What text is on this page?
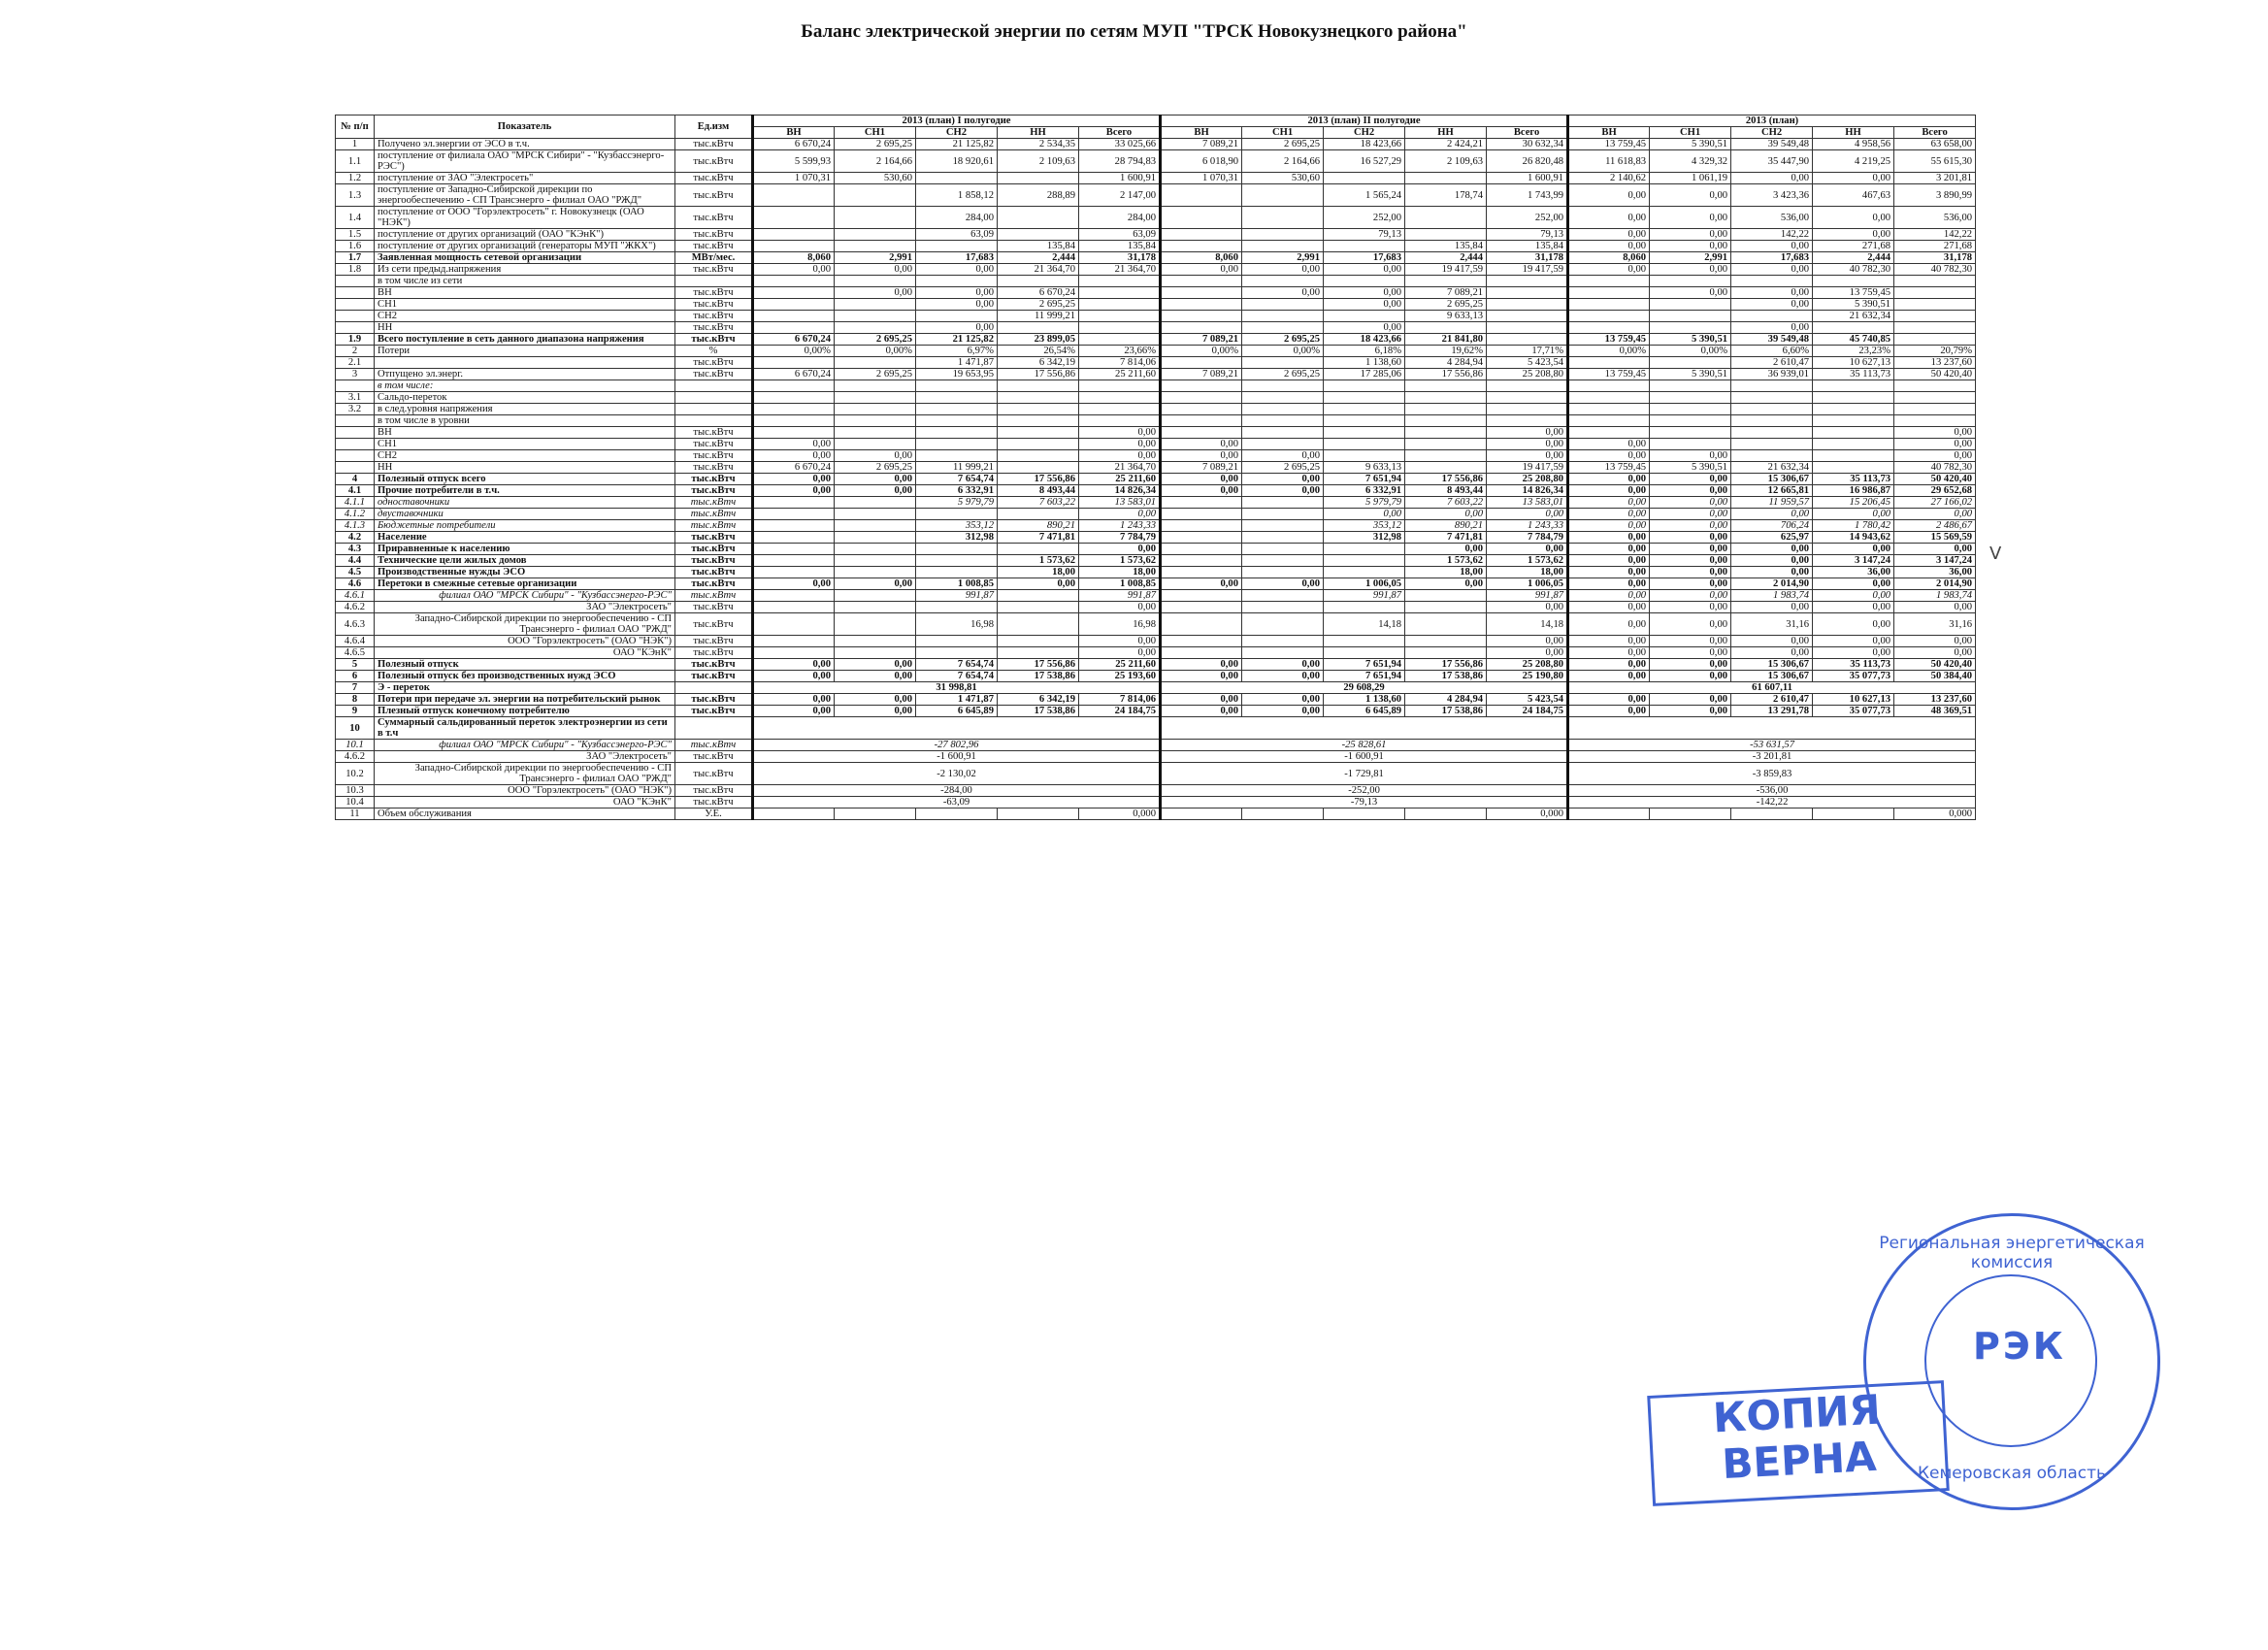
Баланс электрической энергии по сетям МУП "ТРСК Новокузнецкого района"
№ п/п	Показатель	Ед.изм	2013 (план) I полугодие					2013 (план) II полугодие					2013 (план)				
			ВН	СН1	СН2	НН	Всего	ВН	СН1	СН2	НН	Всего	ВН	СН1	СН2	НН	Всего
1	Получено эл.энергии от ЭСО в т.ч.	тыс.кВтч	6 670,24	2 695,25	21 125,82	2 534,35	33 025,66	7 089,21	2 695,25	18 423,66	2 424,21	30 632,34	13 759,45	5 390,51	39 549,48	4 958,56	63 658,00
1.1	поступление от филиала ОАО "МРСК Сибири" - "Кузбассэнерго-РЭС")	тыс.кВтч	5 599,93	2 164,66	18 920,61	2 109,63	28 794,83	6 018,90	2 164,66	16 527,29	2 109,63	26 820,48	11 618,83	4 329,32	35 447,90	4 219,25	55 615,30
1.2	поступление от ЗАО "Электросеть"	тыс.кВтч	1 070,31	530,60			1 600,91	1 070,31	530,60			1 600,91	2 140,62	1 061,19	0,00	0,00	3 201,81
1.3	поступление от Западно-Сибирской дирекции по энергообеспечению - СП Трансэнерго - филиал ОАО "РЖД"	тыс.кВтч			1 858,12	288,89	2 147,00			1 565,24	178,74	1 743,99	0,00	0,00	3 423,36	467,63	3 890,99
1.4	поступление от ООО "Горэлектросеть" г. Новокузнецк (ОАО "НЭК")	тыс.кВтч			284,00		284,00			252,00		252,00	0,00	0,00	536,00	0,00	536,00
1.5	поступление от других организаций (ОАО "КЭнК")	тыс.кВтч			63,09		63,09			79,13		79,13	0,00	0,00	142,22	0,00	142,22
1.6	поступление от других организаций (генераторы МУП "ЖКХ")	тыс.кВтч				135,84	135,84				135,84	135,84	0,00	0,00	0,00	271,68	271,68
1.7	Заявленная мощность сетевой организации	МВт/мес.	8,060	2,991	17,683	2,444	31,178	8,060	2,991	17,683	2,444	31,178	8,060	2,991	17,683	2,444	31,178
1.8	Из сети предыд.напряжения	тыс.кВтч	0,00	0,00	0,00	21 364,70	21 364,70	0,00	0,00	0,00	19 417,59	19 417,59	0,00	0,00	0,00	40 782,30	40 782,30
	в том числе из сети																
	ВН	тыс.кВтч		0,00	0,00	6 670,24			0,00	0,00	7 089,21			0,00	0,00	13 759,45	
	СН1	тыс.кВтч			0,00	2 695,25				0,00	2 695,25				0,00	5 390,51	
	СН2	тыс.кВтч				11 999,21					9 633,13					21 632,34	
	НН	тыс.кВтч			0,00					0,00					0,00		
1.9	Всего поступление в сеть данного диапазона напряжения	тыс.кВтч	6 670,24	2 695,25	21 125,82	23 899,05		7 089,21	2 695,25	18 423,66	21 841,80		13 759,45	5 390,51	39 549,48	45 740,85	
2	Потери	%	0,00%	0,00%	6,97%	26,54%	23,66%	0,00%	0,00%	6,18%	19,62%	17,71%	0,00%	0,00%	6,60%	23,23%	20,79%
2.1		тыс.кВтч			1 471,87	6 342,19	7 814,06			1 138,60	4 284,94	5 423,54			2 610,47	10 627,13	13 237,60
3	Отпущено эл.энерг.	тыс.кВтч	6 670,24	2 695,25	19 653,95	17 556,86	25 211,60	7 089,21	2 695,25	17 285,06	17 556,86	25 208,80	13 759,45	5 390,51	36 939,01	35 113,73	50 420,40
	в том числе:																
3.1	Сальдо-переток																
3.2	в след.уровня напряжения																
	в том числе в уровни																
	ВН	тыс.кВтч					0,00					0,00					0,00
	СН1	тыс.кВтч	0,00				0,00	0,00				0,00	0,00				0,00
	СН2	тыс.кВтч	0,00	0,00			0,00	0,00	0,00			0,00	0,00	0,00			0,00
	НН	тыс.кВтч	6 670,24	2 695,25	11 999,21		21 364,70	7 089,21	2 695,25	9 633,13		19 417,59	13 759,45	5 390,51	21 632,34		40 782,30
4	Полезный отпуск всего	тыс.кВтч	0,00	0,00	7 654,74	17 556,86	25 211,60	0,00	0,00	7 651,94	17 556,86	25 208,80	0,00	0,00	15 306,67	35 113,73	50 420,40
4.1	Прочие потребители в т.ч.	тыс.кВтч	0,00	0,00	6 332,91	8 493,44	14 826,34	0,00	0,00	6 332,91	8 493,44	14 826,34	0,00	0,00	12 665,81	16 986,87	29 652,68
4.1.1	одноставочники	тыс.кВтч			5 979,79	7 603,22	13 583,01			5 979,79	7 603,22	13 583,01	0,00	0,00	11 959,57	15 206,45	27 166,02
4.1.2	двуставочники	тыс.кВтч					0,00			0,00	0,00	0,00	0,00	0,00	0,00	0,00	0,00
4.1.3	Бюджетные потребители	тыс.кВтч			353,12	890,21	1 243,33			353,12	890,21	1 243,33	0,00	0,00	706,24	1 780,42	2 486,67
4.2	Население	тыс.кВтч			312,98	7 471,81	7 784,79			312,98	7 471,81	7 784,79	0,00	0,00	625,97	14 943,62	15 569,59
4.3	Приравненные к населению	тыс.кВтч					0,00				0,00	0,00	0,00	0,00	0,00	0,00	0,00
4.4	Технические цели жилых домов	тыс.кВтч				1 573,62	1 573,62				1 573,62	1 573,62	0,00	0,00	0,00	3 147,24	3 147,24
4.5	Производственные нужды ЭСО	тыс.кВтч				18,00	18,00				18,00	18,00	0,00	0,00	0,00	36,00	36,00
4.6	Перетоки в смежные сетевые организации	тыс.кВтч	0,00	0,00	1 008,85	0,00	1 008,85	0,00	0,00	1 006,05	0,00	1 006,05	0,00	0,00	2 014,90	0,00	2 014,90
4.6.1	филиал ОАО "МРСК Сибири" - "Кузбассэнерго-РЭС"	тыс.кВтч			991,87		991,87			991,87		991,87	0,00	0,00	1 983,74	0,00	1 983,74
4.6.2	ЗАО "Электросеть"	тыс.кВтч					0,00					0,00	0,00	0,00	0,00	0,00	0,00
4.6.3	Западно-Сибирской дирекции по энергообеспечению - СП Трансэнерго - филиал ОАО "РЖД"	тыс.кВтч			16,98		16,98			14,18		14,18	0,00	0,00	31,16	0,00	31,16
4.6.4	ООО "Горэлектросеть" (ОАО "НЭК")	тыс.кВтч					0,00					0,00	0,00	0,00	0,00	0,00	0,00
4.6.5	ОАО "КЭнК"	тыс.кВтч					0,00					0,00	0,00	0,00	0,00	0,00	0,00
5	Полезный отпуск	тыс.кВтч	0,00	0,00	7 654,74	17 556,86	25 211,60	0,00	0,00	7 651,94	17 556,86	25 208,80	0,00	0,00	15 306,67	35 113,73	50 420,40
6	Полезный отпуск без производственных нужд ЭСО	тыс.кВтч	0,00	0,00	7 654,74	17 538,86	25 193,60	0,00	0,00	7 651,94	17 538,86	25 190,80	0,00	0,00	15 306,67	35 077,73	50 384,40
7	Э - переток		31 998,81					29 608,29					61 607,11				
8	Потери при передаче эл. энергии на потребительский рынок	тыс.кВтч	0,00	0,00	1 471,87	6 342,19	7 814,06	0,00	0,00	1 138,60	4 284,94	5 423,54	0,00	0,00	2 610,47	10 627,13	13 237,60
9	Плезный отпуск конечному потребителю	тыс.кВтч	0,00	0,00	6 645,89	17 538,86	24 184,75	0,00	0,00	6 645,89	17 538,86	24 184,75	0,00	0,00	13 291,78	35 077,73	48 369,51
10	Суммарный сальдированный переток электроэнергии из сети в т.ч																
10.1	филиал ОАО "МРСК Сибири" - "Кузбассэнерго-РЭС"	тыс.кВтч	-27 802,96					-25 828,61					-53 631,57				
4.6.2	ЗАО "Электросеть"	тыс.кВтч	-1 600,91					-1 600,91					-3 201,81				
10.2	Западно-Сибирской дирекции по энергообеспечению - СП Трансэнерго - филиал ОАО "РЖД"	тыс.кВтч	-2 130,02					-1 729,81					-3 859,83				
10.3	ООО "Горэлектросеть" (ОАО "НЭК")	тыс.кВтч	-284,00					-252,00					-536,00				
10.4	ОАО "КЭнК"	тыс.кВтч	-63,09					-79,13					-142,22				
11	Объем обслуживания	У.Е.					0,000					0,000					0,000
V
Региональная энергетическая комиссия
РЭК
Кемеровская область
КОПИЯ
ВЕРНА
